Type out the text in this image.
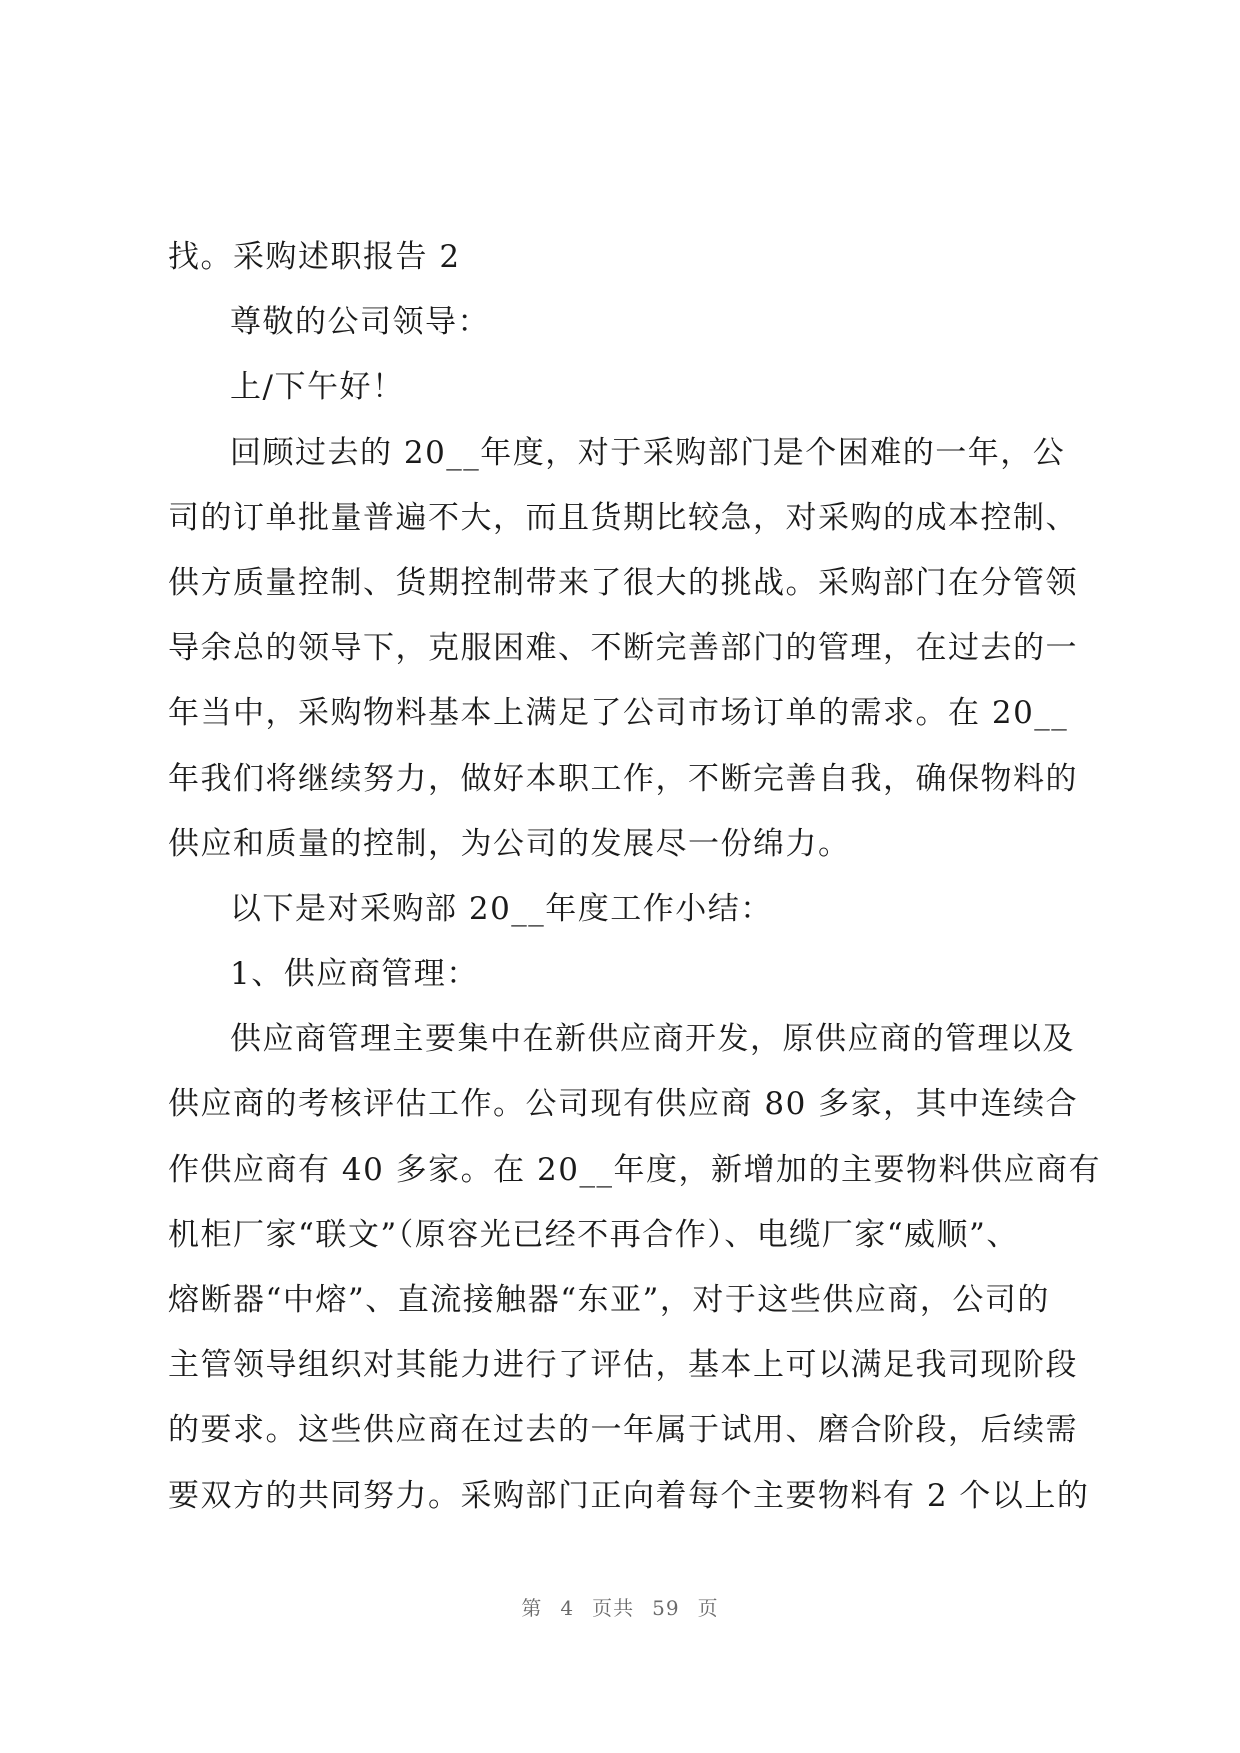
找。采购述职报告 2
尊敬的公司领导：
上/下午好！
回顾过去的 20__年度，对于采购部门是个困难的一年，公
司的订单批量普遍不大，而且货期比较急，对采购的成本控制、
供方质量控制、货期控制带来了很大的挑战。采购部门在分管领
导余总的领导下，克服困难、不断完善部门的管理，在过去的一
年当中，采购物料基本上满足了公司市场订单的需求。在 20__
年我们将继续努力，做好本职工作，不断完善自我，确保物料的
供应和质量的控制，为公司的发展尽一份绵力。
以下是对采购部 20__年度工作小结：
1、供应商管理：
供应商管理主要集中在新供应商开发，原供应商的管理以及
供应商的考核评估工作。公司现有供应商 80 多家，其中连续合
作供应商有 40 多家。在 20__年度，新增加的主要物料供应商有
机柜厂家“联文”（原容光已经不再合作）、电缆厂家“威顺”、
熔断器“中熔”、直流接触器“东亚”，对于这些供应商，公司的
主管领导组织对其能力进行了评估，基本上可以满足我司现阶段
的要求。这些供应商在过去的一年属于试用、磨合阶段，后续需
要双方的共同努力。采购部门正向着每个主要物料有 2 个以上的
第 4 页共 59 页
